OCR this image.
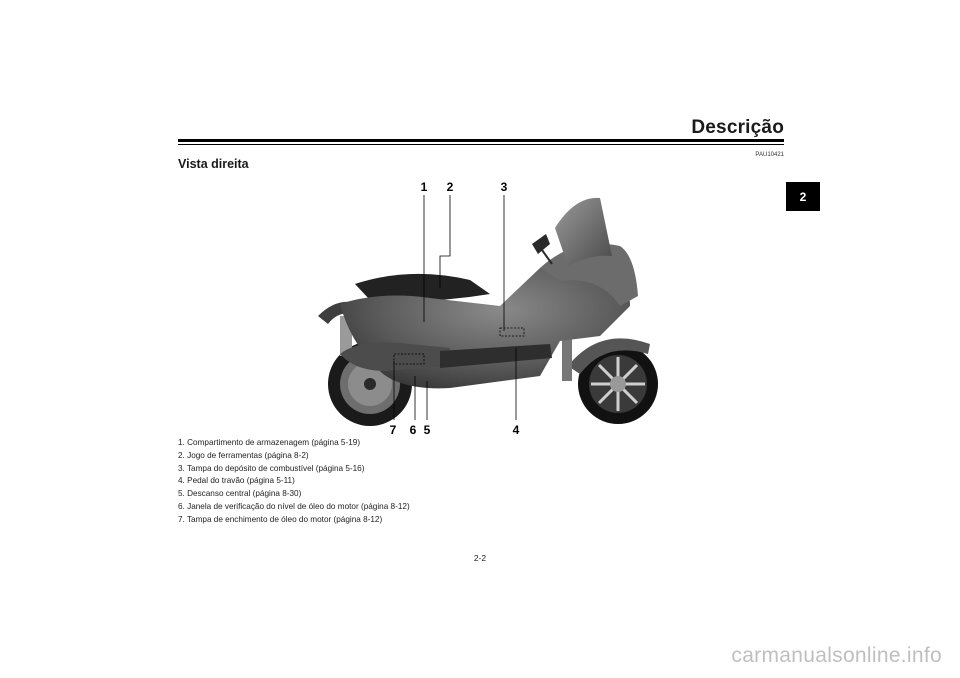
Descrição
2
PAU10421
Vista direita
1 2	3
4
5
6
7
1. Compartimento de armazenagem (página 5-19)
2. Jogo de ferramentas (página 8-2)
3. Tampa do depósito de combustível (página 5-16)
4. Pedal do travão (página 5-11)
5. Descanso central (página 8-30)
6. Janela de verificação do nível de óleo do motor (página 8-12)
7. Tampa de enchimento de óleo do motor (página 8-12)
2-2
carmanualsonline.info
